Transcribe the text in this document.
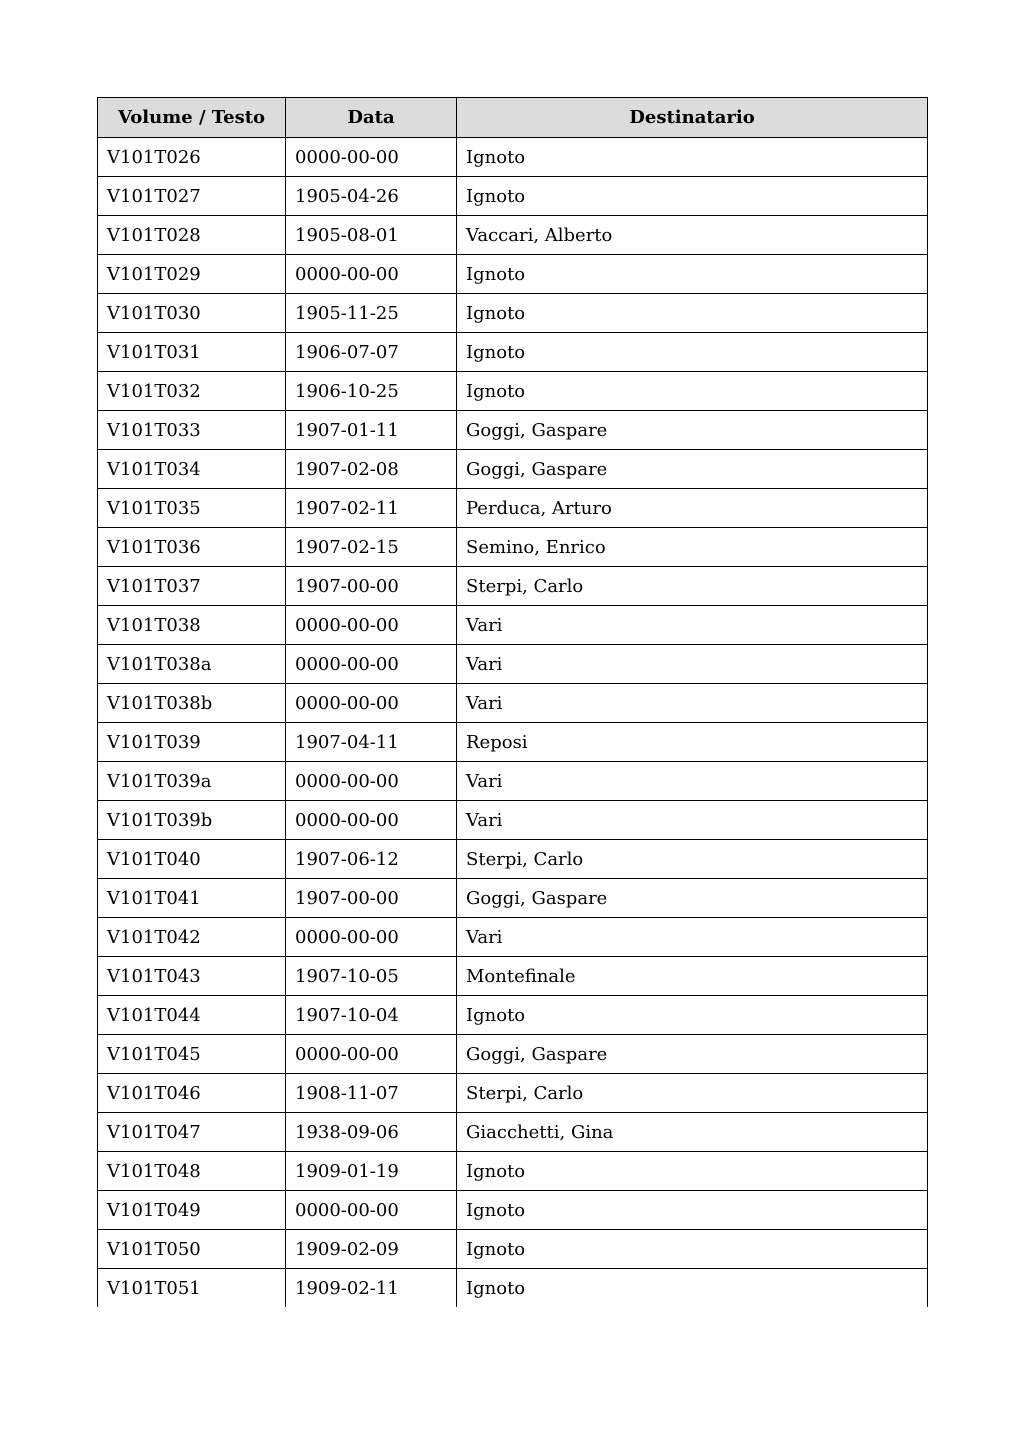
Volume / Testo	Data	Destinatario
V101T026	0000-00-00	Ignoto
V101T027	1905-04-26	Ignoto
V101T028	1905-08-01	Vaccari, Alberto
V101T029	0000-00-00	Ignoto
V101T030	1905-11-25	Ignoto
V101T031	1906-07-07	Ignoto
V101T032	1906-10-25	Ignoto
V101T033	1907-01-11	Goggi, Gaspare
V101T034	1907-02-08	Goggi, Gaspare
V101T035	1907-02-11	Perduca, Arturo
V101T036	1907-02-15	Semino, Enrico
V101T037	1907-00-00	Sterpi, Carlo
V101T038	0000-00-00	Vari
V101T038a	0000-00-00	Vari
V101T038b	0000-00-00	Vari
V101T039	1907-04-11	Reposi
V101T039a	0000-00-00	Vari
V101T039b	0000-00-00	Vari
V101T040	1907-06-12	Sterpi, Carlo
V101T041	1907-00-00	Goggi, Gaspare
V101T042	0000-00-00	Vari
V101T043	1907-10-05	Montefinale
V101T044	1907-10-04	Ignoto
V101T045	0000-00-00	Goggi, Gaspare
V101T046	1908-11-07	Sterpi, Carlo
V101T047	1938-09-06	Giacchetti, Gina
V101T048	1909-01-19	Ignoto
V101T049	0000-00-00	Ignoto
V101T050	1909-02-09	Ignoto
V101T051	1909-02-11	Ignoto
